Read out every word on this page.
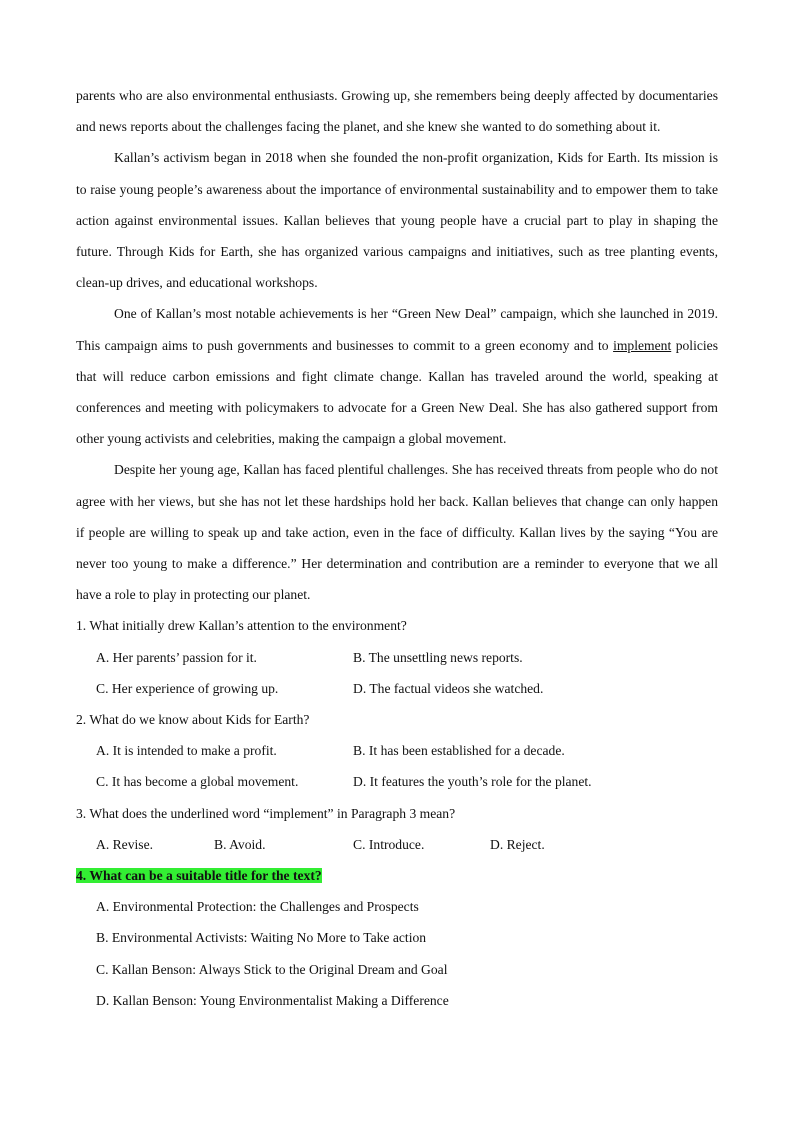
parents who are also environmental enthusiasts. Growing up, she remembers being deeply affected by documentaries and news reports about the challenges facing the planet, and she knew she wanted to do something about it.

Kallan’s activism began in 2018 when she founded the non-profit organization, Kids for Earth. Its mission is to raise young people’s awareness about the importance of environmental sustainability and to empower them to take action against environmental issues. Kallan believes that young people have a crucial part to play in shaping the future. Through Kids for Earth, she has organized various campaigns and initiatives, such as tree planting events, clean-up drives, and educational workshops.

One of Kallan’s most notable achievements is her “Green New Deal” campaign, which she launched in 2019. This campaign aims to push governments and businesses to commit to a green economy and to implement policies that will reduce carbon emissions and fight climate change. Kallan has traveled around the world, speaking at conferences and meeting with policymakers to advocate for a Green New Deal. She has also gathered support from other young activists and celebrities, making the campaign a global movement.

Despite her young age, Kallan has faced plentiful challenges. She has received threats from people who do not agree with her views, but she has not let these hardships hold her back. Kallan believes that change can only happen if people are willing to speak up and take action, even in the face of difficulty. Kallan lives by the saying “You are never too young to make a difference.” Her determination and contribution are a reminder to everyone that we all have a role to play in protecting our planet.

1. What initially drew Kallan’s attention to the environment?

A. Her parents’ passion for it.	B. The unsettling news reports.
C. Her experience of growing up.	D. The factual videos she watched.

2. What do we know about Kids for Earth?

A. It is intended to make a profit.	B. It has been established for a decade.
C. It has become a global movement.	D. It features the youth’s role for the planet.

3. What does the underlined word “implement” in Paragraph 3 mean?

A. Revise.	B. Avoid.	C. Introduce.	D. Reject.

4. What can be a suitable title for the text?

A. Environmental Protection: the Challenges and Prospects

B. Environmental Activists: Waiting No More to Take action

C. Kallan Benson: Always Stick to the Original Dream and Goal

D. Kallan Benson: Young Environmentalist Making a Difference
